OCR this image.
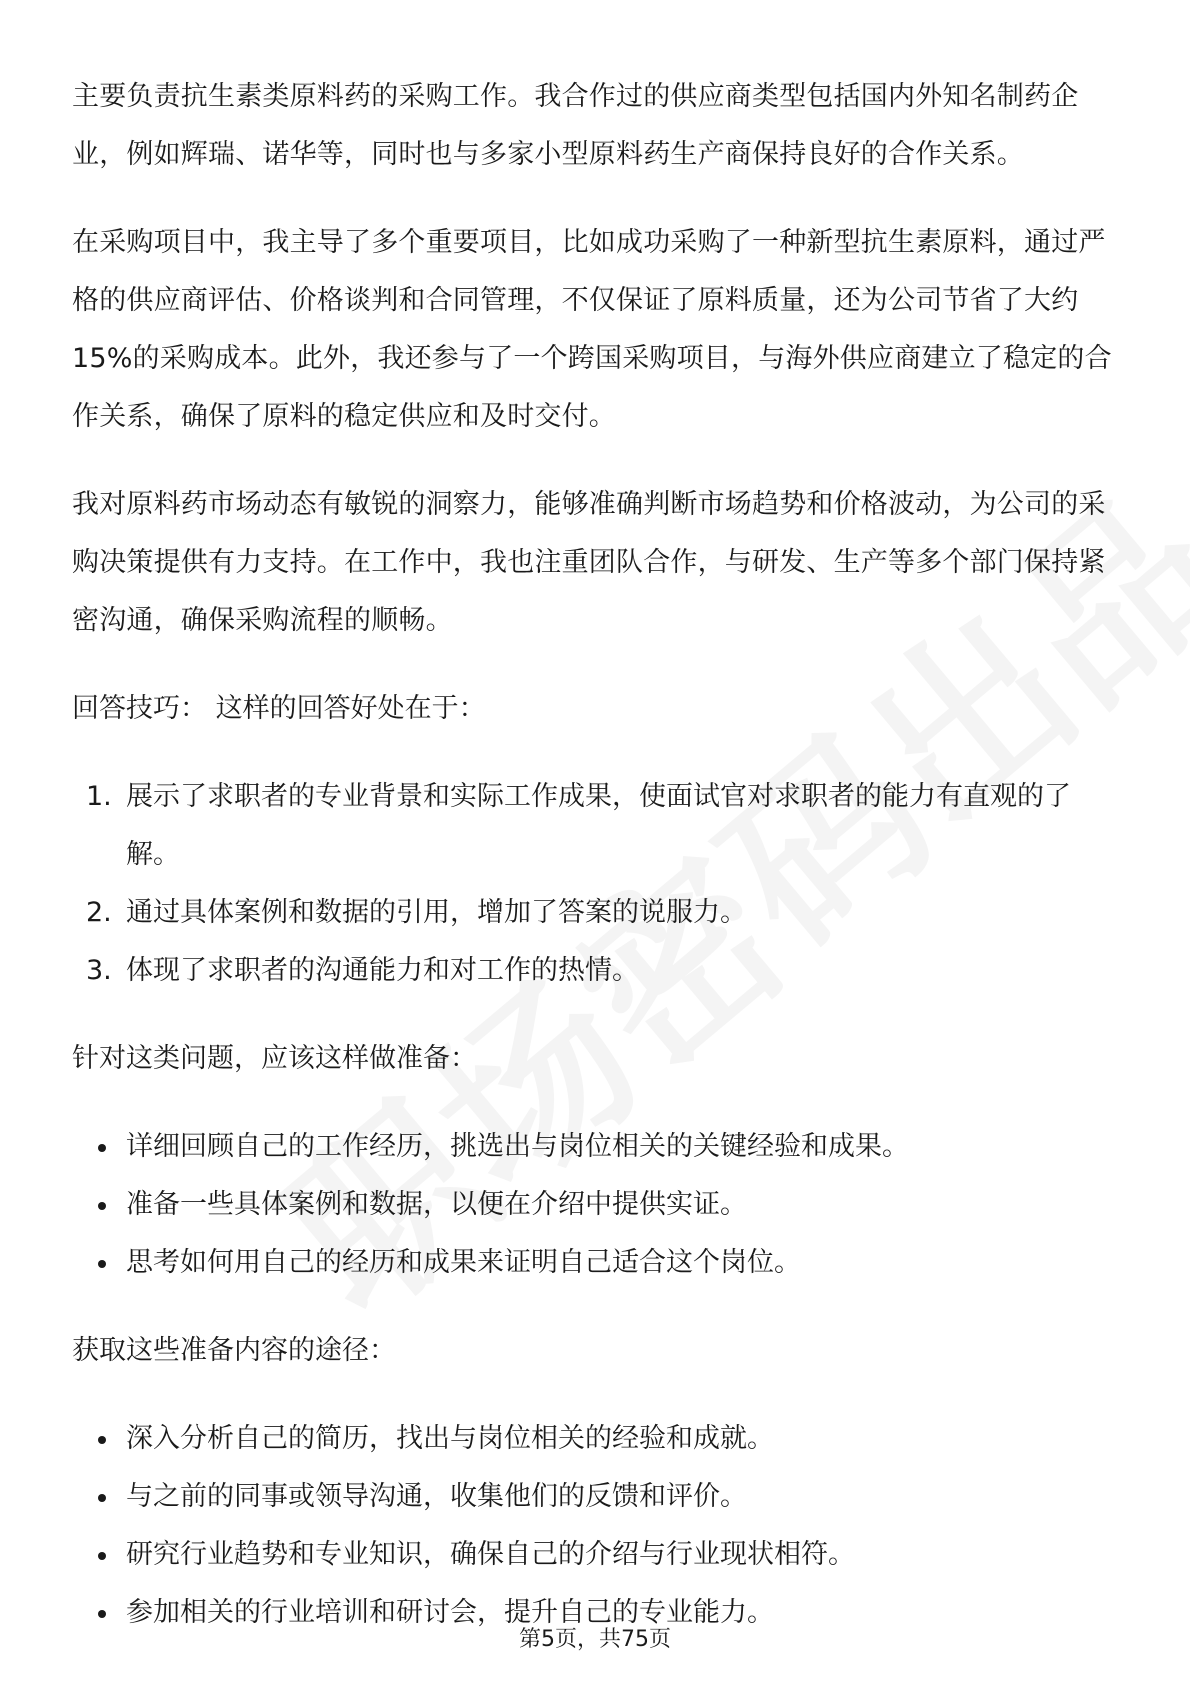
主要负责抗生素类原料药的采购工作。我合作过的供应商类型包括国内外知名制药企业，例如辉瑞、诺华等，同时也与多家小型原料药生产商保持良好的合作关系。

在采购项目中，我主导了多个重要项目，比如成功采购了一种新型抗生素原料，通过严格的供应商评估、价格谈判和合同管理，不仅保证了原料质量，还为公司节省了大约15%的采购成本。此外，我还参与了一个跨国采购项目，与海外供应商建立了稳定的合作关系，确保了原料的稳定供应和及时交付。

我对原料药市场动态有敏锐的洞察力，能够准确判断市场趋势和价格波动，为公司的采购决策提供有力支持。在工作中，我也注重团队合作，与研发、生产等多个部门保持紧密沟通，确保采购流程的顺畅。

回答技巧： 这样的回答好处在于：

1. 展示了求职者的专业背景和实际工作成果，使面试官对求职者的能力有直观的了解。
2. 通过具体案例和数据的引用，增加了答案的说服力。
3. 体现了求职者的沟通能力和对工作的热情。

针对这类问题，应该这样做准备：

详细回顾自己的工作经历，挑选出与岗位相关的关键经验和成果。
准备一些具体案例和数据，以便在介绍中提供实证。
思考如何用自己的经历和成果来证明自己适合这个岗位。

获取这些准备内容的途径：

深入分析自己的简历，找出与岗位相关的经验和成就。
与之前的同事或领导沟通，收集他们的反馈和评价。
研究行业趋势和专业知识，确保自己的介绍与行业现状相符。
参加相关的行业培训和研讨会，提升自己的专业能力。
第5页，共75页
